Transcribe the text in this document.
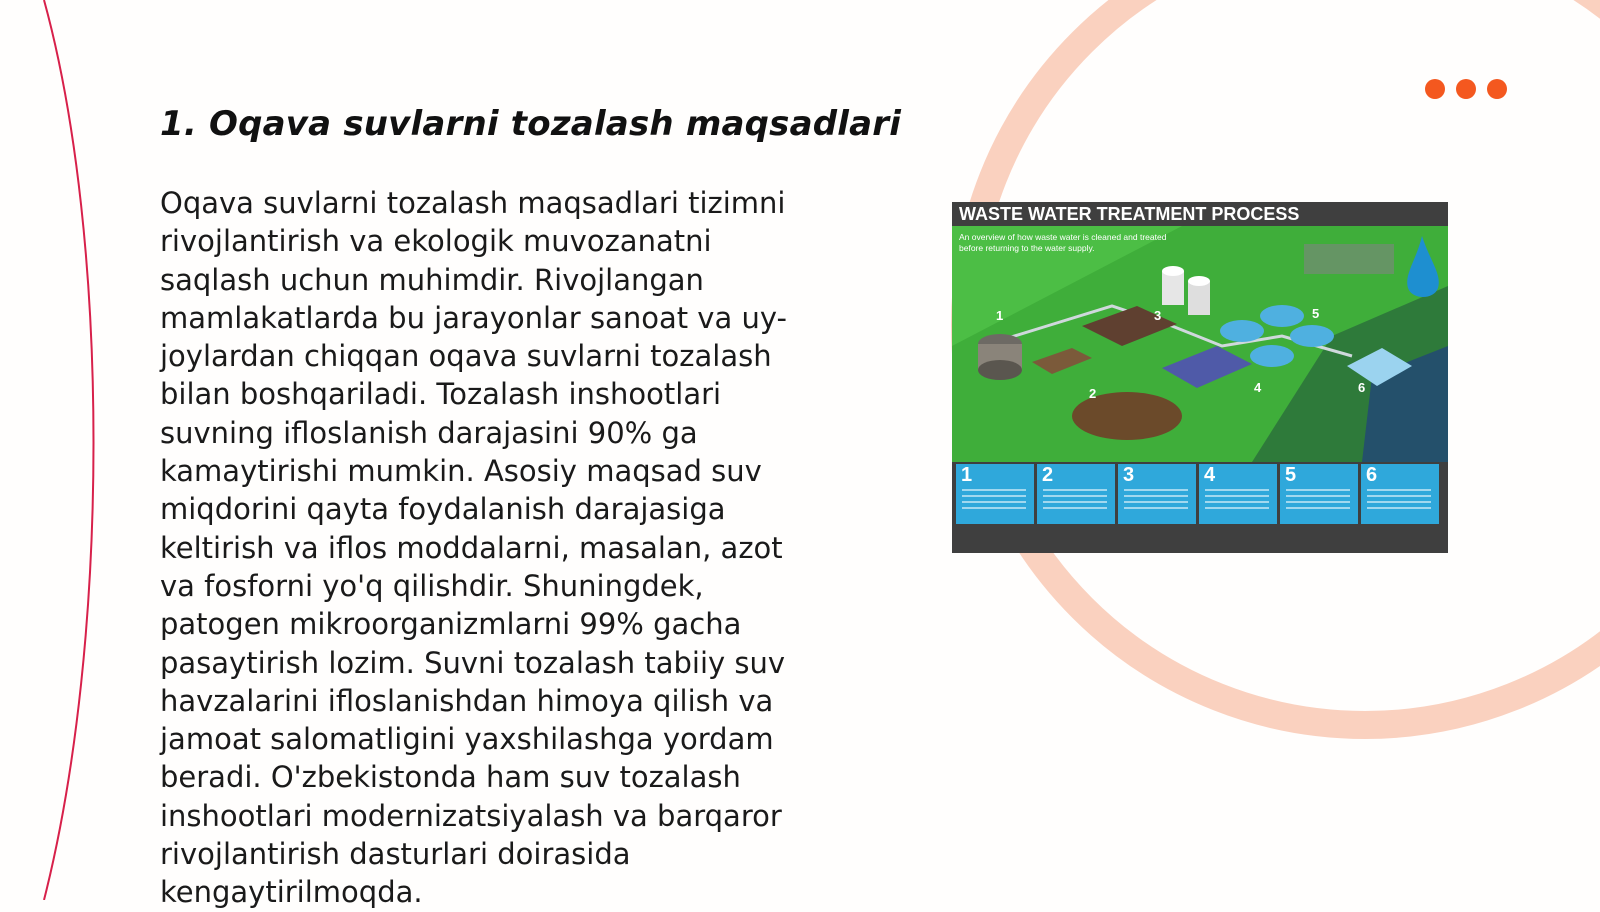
1. Oqava suvlarni tozalash maqsadlari

Oqava suvlarni tozalash maqsadlari tizimni rivojlantirish va ekologik muvozanatni saqlash uchun muhimdir. Rivojlangan mamlakatlarda bu jarayonlar sanoat va uy-joylardan chiqqan oqava suvlarni tozalash bilan boshqariladi. Tozalash inshootlari suvning ifloslanish darajasini 90% ga kamaytirishi mumkin. Asosiy maqsad suv miqdorini qayta foydalanish darajasiga keltirish va iflos moddalarni, masalan, azot va fosforni yo'q qilishdir. Shuningdek, patogen mikroorganizmlarni 99% gacha pasaytirish lozim. Suvni tozalash tabiiy suv havzalarini ifloslanishdan himoya qilish va jamoat salomatligini yaxshilashga yordam beradi. O'zbekistonda ham suv tozalash inshootlari modernizatsiyalash va barqaror rivojlantirish dasturlari doirasida kengaytirilmoqda.

1
2
3
4
5
6
WASTE WATER TREATMENT PROCESS
An overview of how waste water is cleaned and treated before returning to the water supply.
1	2	3	4	5	6
